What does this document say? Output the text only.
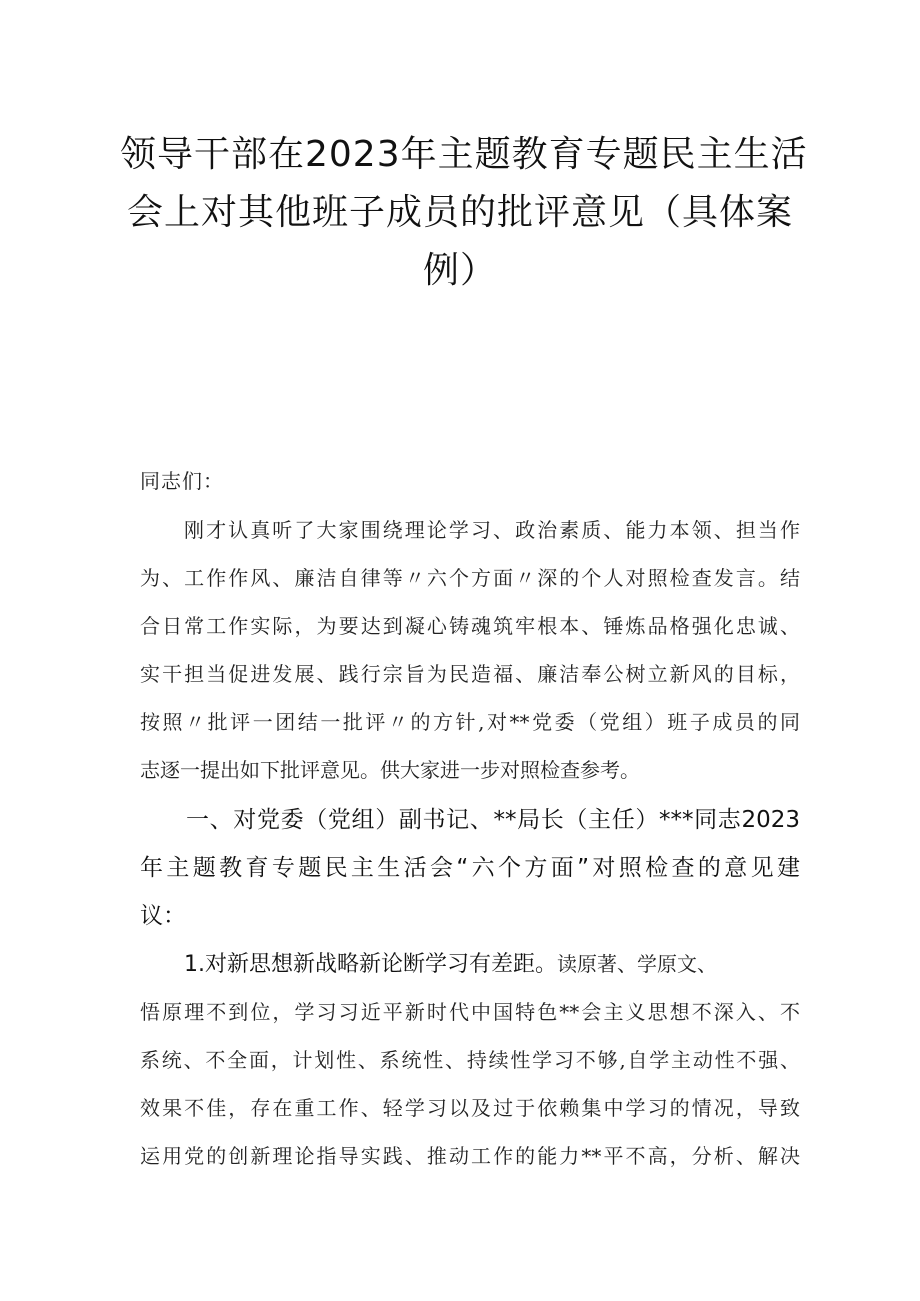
领导干部在2023年主题教育专题民主生活
会上对其他班子成员的批评意见（具体案
例）
同志们：
刚才认真听了大家围绕理论学习、政治素质、能力本领、担当作
为、工作作风、廉洁自律等〃六个方面〃深的个人对照检查发言。结
合日常工作实际，为要达到凝心铸魂筑牢根本、锤炼品格强化忠诚、
实干担当促进发展、践行宗旨为民造福、廉洁奉公树立新风的目标，
按照〃批评一团结一批评〃的方针,对**党委（党组）班子成员的同
志逐一提出如下批评意见。供大家进一步对照检查参考。
一、对党委（党组）副书记、**局长（主任）***同志2023
年主题教育专题民主生活会“六个方面”对照检查的意见建
议：
1.对新思想新战略新论断学习有差距。读原著、学原文、
悟原理不到位，学习习近平新时代中国特色**会主义思想不深入、不
系统、不全面，计划性、系统性、持续性学习不够,自学主动性不强、
效果不佳，存在重工作、轻学习以及过于依赖集中学习的情况，导致
运用党的创新理论指导实践、推动工作的能力**平不高，分析、解决
